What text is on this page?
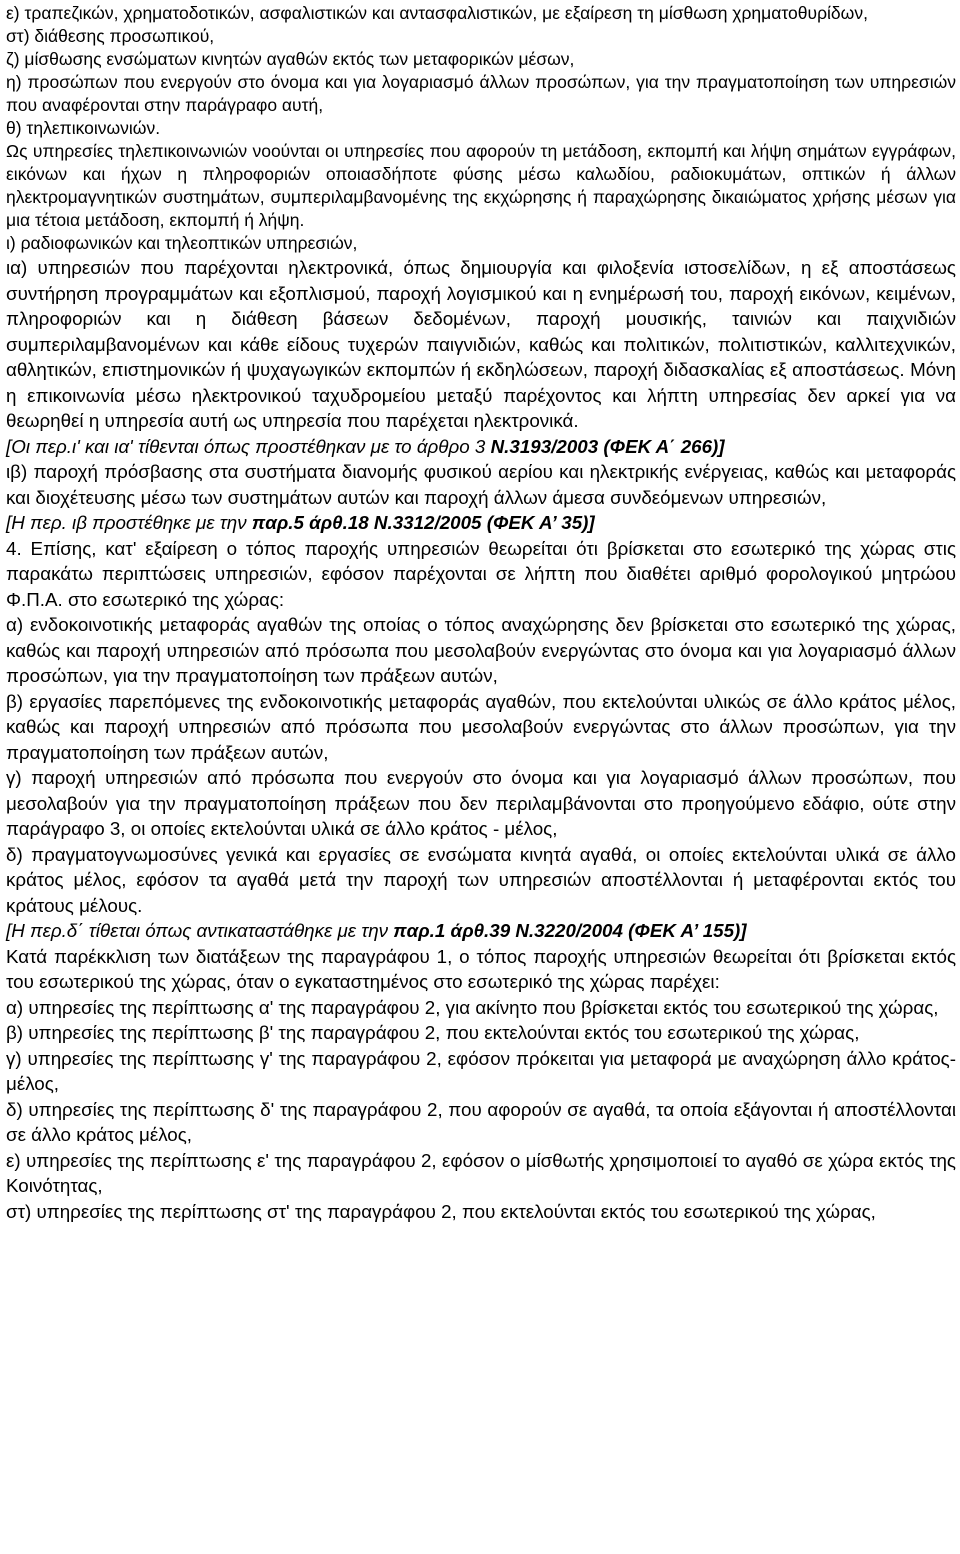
ε) τραπεζικών, χρηματοδοτικών, ασφαλιστικών και αντασφαλιστικών, με εξαίρεση τη μίσθωση χρηματοθυρίδων,

στ) διάθεσης προσωπικού,

ζ) μίσθωσης ενσώματων κινητών αγαθών εκτός των μεταφορικών μέσων,

η) προσώπων που ενεργούν στο όνομα και για λογαριασμό άλλων προσώπων, για την πραγματοποίηση των υπηρεσιών που αναφέρονται στην παράγραφο αυτή,

θ) τηλεπικοινωνιών.

Ως υπηρεσίες τηλεπικοινωνιών νοούνται οι υπηρεσίες που αφορούν τη μετάδοση, εκπομπή και λήψη σημάτων εγγράφων, εικόνων και ήχων η πληροφοριών οποιασδήποτε φύσης μέσω καλωδίου, ραδιοκυμάτων, οπτικών ή άλλων ηλεκτρομαγνητικών συστημάτων, συμπεριλαμβανομένης της εκχώρησης ή παραχώρησης δικαιώματος χρήσης μέσων για μια τέτοια μετάδοση, εκπομπή ή λήψη.

ι) ραδιοφωνικών και τηλεοπτικών υπηρεσιών,

ια) υπηρεσιών που παρέχονται ηλεκτρονικά, όπως δημιουργία και φιλοξενία ιστοσελίδων, η εξ αποστάσεως συντήρηση προγραμμάτων και εξοπλισμού, παροχή λογισμικού και η ενημέρωσή του, παροχή εικόνων, κειμένων, πληροφοριών και η διάθεση βάσεων δεδομένων, παροχή μουσικής, ταινιών και παιχνιδιών συμπεριλαμβανομένων και κάθε είδους τυχερών παιγνιδιών, καθώς και πολιτικών, πολιτιστικών, καλλιτεχνικών, αθλητικών, επιστημονικών ή ψυχαγωγικών εκπομπών ή εκδηλώσεων, παροχή διδασκαλίας εξ αποστάσεως. Μόνη η επικοινωνία μέσω ηλεκτρονικού ταχυδρομείου μεταξύ παρέχοντος και λήπτη υπηρεσίας δεν αρκεί για να θεωρηθεί η υπηρεσία αυτή ως υπηρεσία που παρέχεται ηλεκτρονικά.

[Οι περ.ι' και ια' τίθενται όπως προστέθηκαν με το άρθρο 3 Ν.3193/2003 (ΦΕΚ Α΄ 266)]

ιβ) παροχή πρόσβασης στα συστήματα διανομής φυσικού αερίου και ηλεκτρικής ενέργειας, καθώς και μεταφοράς και διοχέτευσης μέσω των συστημάτων αυτών και παροχή άλλων άμεσα συνδεόμενων υπηρεσιών,

[Η περ. ιβ προστέθηκε με την παρ.5 άρθ.18 Ν.3312/2005 (ΦΕΚ Α’ 35)]

4. Επίσης, κατ' εξαίρεση ο τόπος παροχής υπηρεσιών θεωρείται ότι βρίσκεται στο εσωτερικό της χώρας στις παρακάτω περιπτώσεις υπηρεσιών, εφόσον παρέχονται σε λήπτη που διαθέτει αριθμό φορολογικού μητρώου Φ.Π.Α. στο εσωτερικό της χώρας:

α) ενδοκοινοτικής μεταφοράς αγαθών της οποίας ο τόπος αναχώρησης δεν βρίσκεται στο εσωτερικό της χώρας, καθώς και παροχή υπηρεσιών από πρόσωπα που μεσολαβούν ενεργώντας στο όνομα και για λογαριασμό άλλων προσώπων, για την πραγματοποίηση των πράξεων αυτών,

β) εργασίες παρεπόμενες της ενδοκοινοτικής μεταφοράς αγαθών, που εκτελούνται υλικώς σε άλλο κράτος μέλος, καθώς και παροχή υπηρεσιών από πρόσωπα που μεσολαβούν ενεργώντας στο άλλων προσώπων, για την πραγματοποίηση των πράξεων αυτών,

γ) παροχή υπηρεσιών από πρόσωπα που ενεργούν στο όνομα και για λογαριασμό άλλων προσώπων, που μεσολαβούν για την πραγματοποίηση πράξεων που δεν περιλαμβάνονται στο προηγούμενο εδάφιο, ούτε στην παράγραφο 3, οι οποίες εκτελούνται υλικά σε άλλο κράτος - μέλος,

δ) πραγματογνωμοσύνες γενικά και εργασίες σε ενσώματα κινητά αγαθά, οι οποίες εκτελούνται υλικά σε άλλο κράτος μέλος, εφόσον τα αγαθά μετά την παροχή των υπηρεσιών αποστέλλονται ή μεταφέρονται εκτός του κράτους μέλους.

[Η περ.δ΄ τίθεται όπως αντικαταστάθηκε με την παρ.1 άρθ.39 Ν.3220/2004 (ΦΕΚ Α’ 155)]

Κατά παρέκκλιση των διατάξεων της παραγράφου 1, ο τόπος παροχής υπηρεσιών θεωρείται ότι βρίσκεται εκτός του εσωτερικού της χώρας, όταν ο εγκαταστημένος στο εσωτερικό της χώρας παρέχει:

α) υπηρεσίες της περίπτωσης α' της παραγράφου 2, για ακίνητο που βρίσκεται εκτός του εσωτερικού της χώρας,

β) υπηρεσίες της περίπτωσης β' της παραγράφου 2, που εκτελούνται εκτός του εσωτερικού της χώρας,

γ) υπηρεσίες της περίπτωσης γ' της παραγράφου 2, εφόσον πρόκειται για μεταφορά με αναχώρηση άλλο κράτος- μέλος,

δ) υπηρεσίες της περίπτωσης δ' της παραγράφου 2, που αφορούν σε αγαθά, τα οποία εξάγονται ή αποστέλλονται σε άλλο κράτος μέλος,

ε) υπηρεσίες της περίπτωσης ε' της παραγράφου 2, εφόσον ο μίσθωτής χρησιμοποιεί το αγαθό σε χώρα εκτός της Κοινότητας,

στ) υπηρεσίες της περίπτωσης στ' της παραγράφου 2, που εκτελούνται εκτός του εσωτερικού της χώρας,
